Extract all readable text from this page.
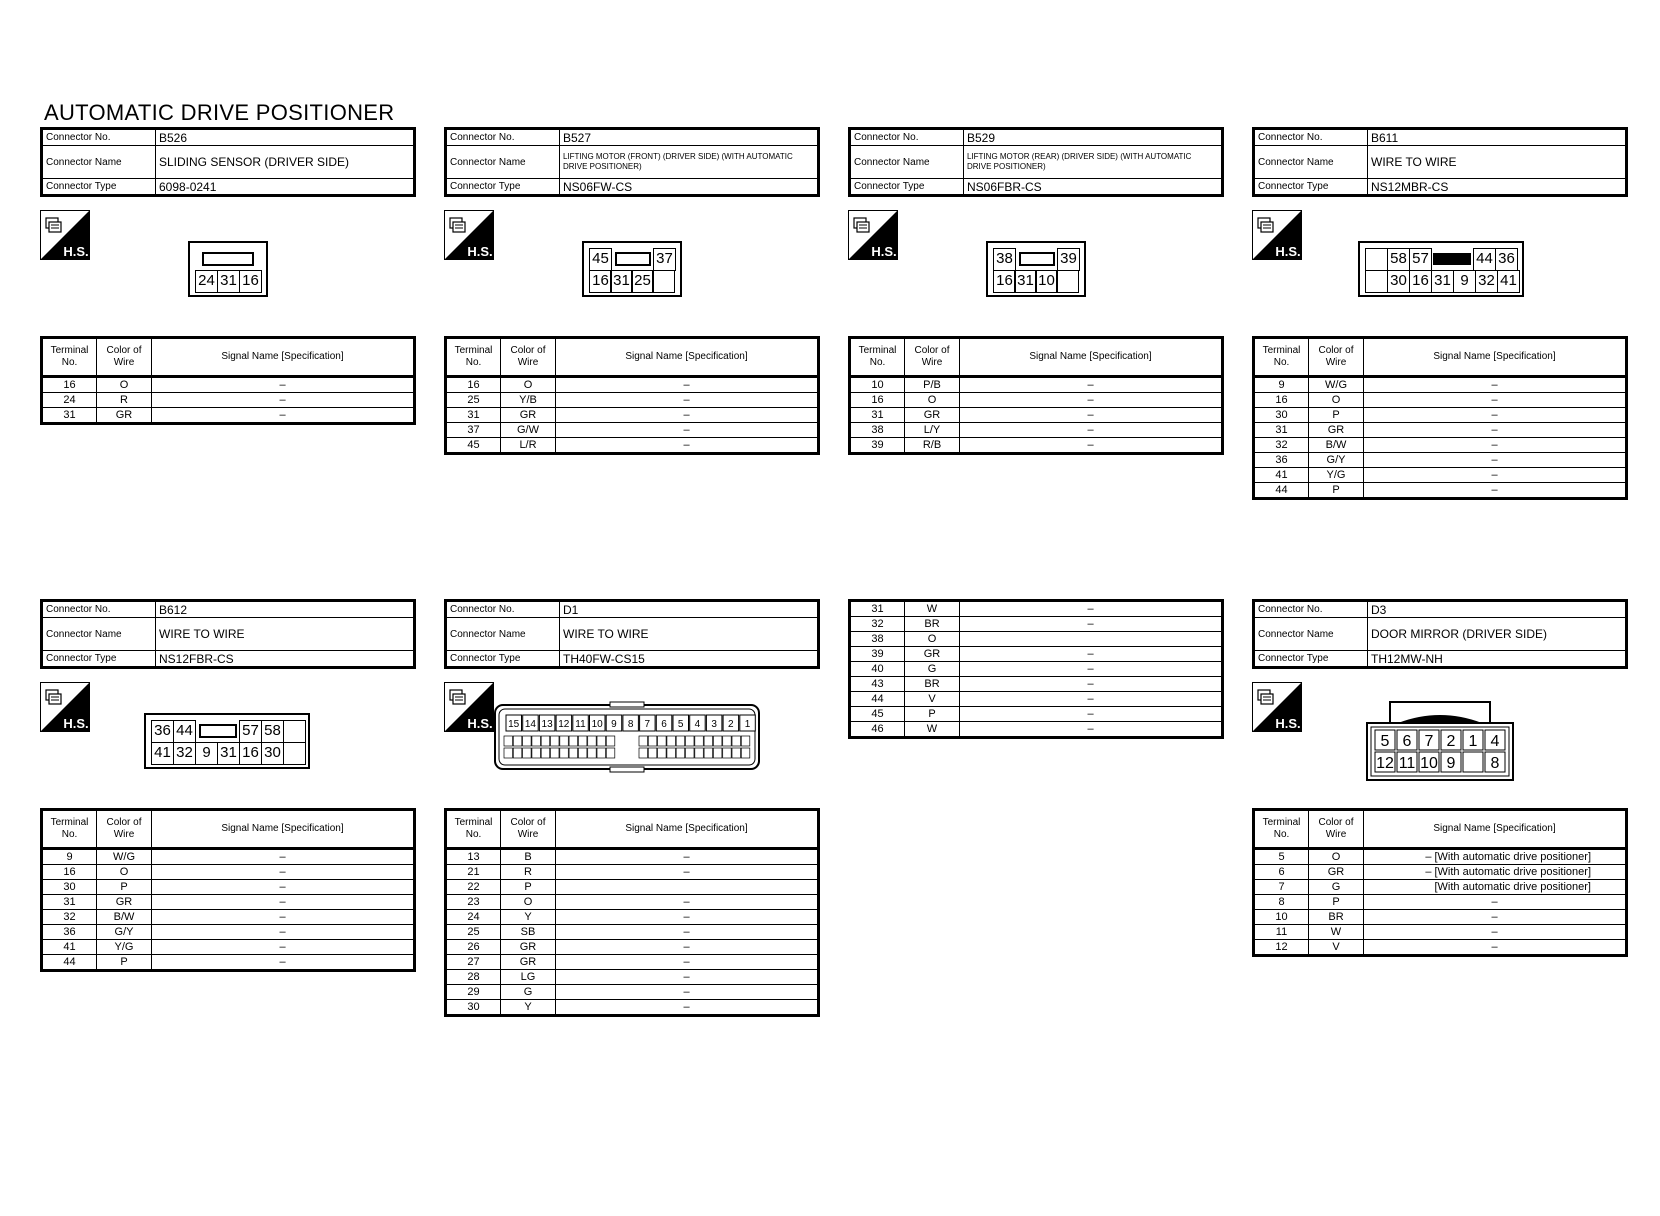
AUTOMATIC DRIVE POSITIONER
Connector No.	B526
Connector Name	SLIDING SENSOR (DRIVER SIDE)
Connector Type	6098-0241
H.S.
24 31 16
Terminal No.	Color of Wire	Signal Name [Specification]
16	O	–
24	R	–
31	GR	–
Connector No.	B527
Connector Name	LIFTING MOTOR (FRONT) (DRIVER SIDE) (WITH AUTOMATIC DRIVE POSITIONER)
Connector Type	NS06FW-CS
H.S.	45	37
16 31 25
Terminal No.	Color of Wire	Signal Name [Specification]
16	O	–
25	Y/B	–
31	GR	–
37	G/W	–
45	L/R	–
Connector No.	B529
Connector Name	LIFTING MOTOR (REAR) (DRIVER SIDE) (WITH AUTOMATIC DRIVE POSITIONER)
Connector Type	NS06FBR-CS
H.S.	38	39
16 31 10
Terminal No.	Color of Wire	Signal Name [Specification]
10	P/B	–
16	O	–
31	GR	–
38	L/Y	–
39	R/B	–
Connector No.	B611
Connector Name	WIRE TO WIRE
Connector Type	NS12MBR-CS
H.S.	58 57	44 36
30 16 31 9 32 41
Terminal No.	Color of Wire	Signal Name [Specification]
9	W/G	–
16	O	–
30	P	–
31	GR	–
32	B/W	–
36	G/Y	–
41	Y/G	–
44	P	–
Connector No.	B612
Connector Name	WIRE TO WIRE
Connector Type	NS12FBR-CS
H.S.	36 44	57 58
41 32 9 31 16 30
Terminal No.	Color of Wire	Signal Name [Specification]
9	W/G	–
16	O	–
30	P	–
31	GR	–
32	B/W	–
36	G/Y	–
41	Y/G	–
44	P	–
Connector No.	D1
Connector Name	WIRE TO WIRE
Connector Type	TH40FW-CS15
H.S. 15 14 13 12 11 10 9 8 7 6 5 4 3 2 1
Terminal No.	Color of Wire	Signal Name [Specification]
13	B	–
21	R	–
22	P	
23	O	–
24	Y	–
25	SB	–
26	GR	–
27	GR	–
28	LG	–
29	G	–
30	Y	–
31	W	–
32	BR	–
38	O	
39	GR	–
40	G	–
43	BR	–
44	V	–
45	P	–
46	W	–
Connector No.	D3
Connector Name	DOOR MIRROR (DRIVER SIDE)
Connector Type	TH12MW-NH
H.S.
5 6 7 2 1 4
12 11 10 9 8
Terminal No.	Color of Wire	Signal Name [Specification]
5	O	– [With automatic drive positioner]
6	GR	– [With automatic drive positioner]
7	G	[With automatic drive positioner]
8	P	–
10	BR	–
11	W	–
12	V	–
